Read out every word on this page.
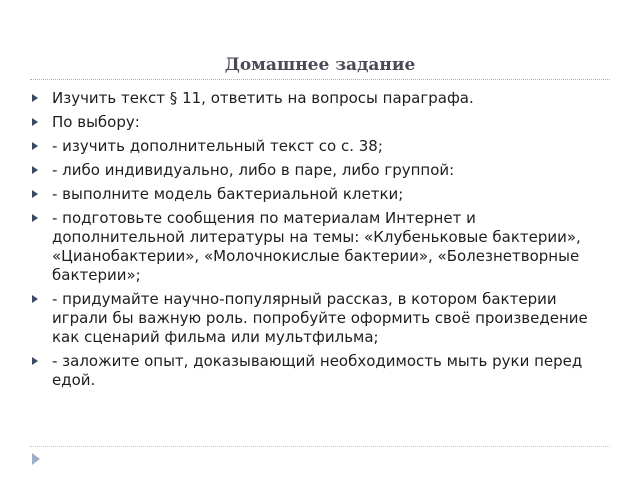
Домашнее задание
Изучить текст § 11, ответить на вопросы параграфа.
По выбору:
- изучить дополнительный текст со с. 38;
- либо индивидуально, либо в паре, либо группой:
- выполните модель бактериальной клетки;
- подготовьте сообщения по материалам Интернет и дополнительной литературы на темы: «Клубеньковые бактерии», «Цианобактерии», «Молочнокислые бактерии», «Болезнетворные бактерии»;
- придумайте научно-популярный рассказ, в котором бактерии играли бы важную роль. попробуйте оформить своё произведение как сценарий фильма или мультфильма;
- заложите опыт, доказывающий необходимость мыть руки перед едой.
